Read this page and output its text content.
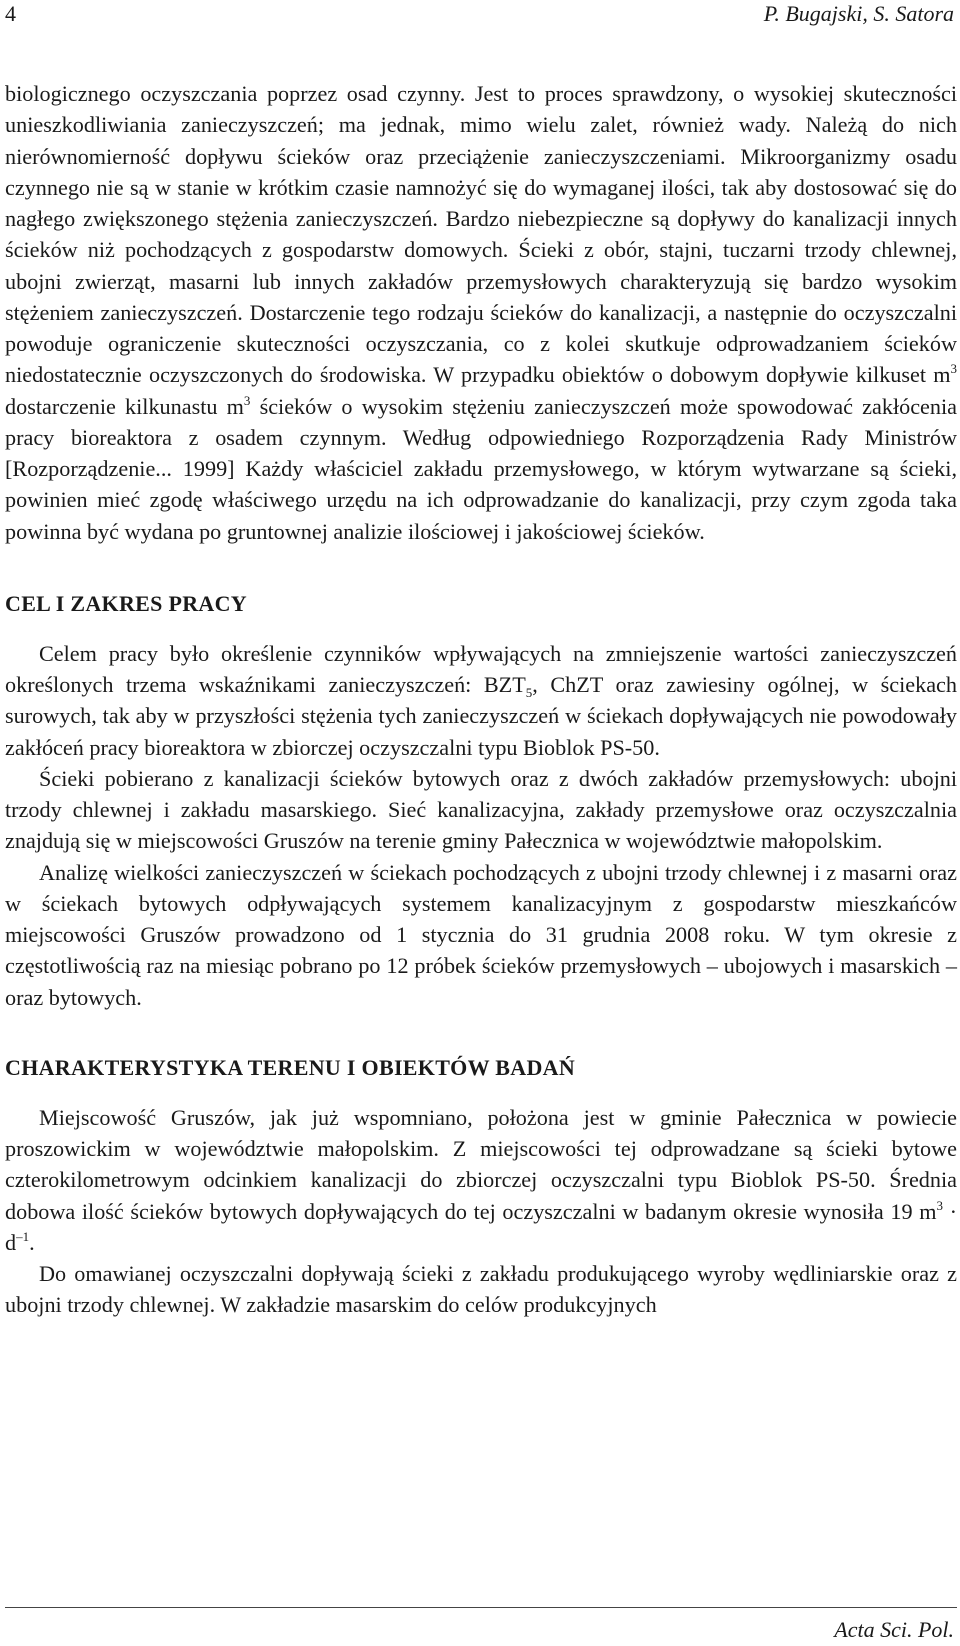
4	P. Bugajski, S. Satora

biologicznego oczyszczania poprzez osad czynny. Jest to proces sprawdzony, o wysokiej skuteczności unieszkodliwiania zanieczyszczeń; ma jednak, mimo wielu zalet, również wady. Należą do nich nierównomierność dopływu ścieków oraz przeciążenie zanieczyszczeniami. Mikroorganizmy osadu czynnego nie są w stanie w krótkim czasie namnożyć się do wymaganej ilości, tak aby dostosować się do nagłego zwiększonego stężenia zanieczyszczeń. Bardzo niebezpieczne są dopływy do kanalizacji innych ścieków niż pochodzących z gospodarstw domowych. Ścieki z obór, stajni, tuczarni trzody chlewnej, ubojni zwierząt, masarni lub innych zakładów przemysłowych charakteryzują się bardzo wysokim stężeniem zanieczyszczeń. Dostarczenie tego rodzaju ścieków do kanalizacji, a następnie do oczyszczalni powoduje ograniczenie skuteczności oczyszczania, co z kolei skutkuje odprowadzaniem ścieków niedostatecznie oczyszczonych do środowiska. W przypadku obiektów o dobowym dopływie kilkuset $m^3$ dostarczenie kilkunastu $m^3$ ścieków o wysokim stężeniu zanieczyszczeń może spowodować zakłócenia pracy bioreaktora z osadem czynnym. Według odpowiedniego Rozporządzenia Rady Ministrów [Rozporządzenie... 1999] Każdy właściciel zakładu przemysłowego, w którym wytwarzane są ścieki, powinien mieć zgodę właściwego urzędu na ich odprowadzanie do kanalizacji, przy czym zgoda taka powinna być wydana po gruntownej analizie ilościowej i jakościowej ścieków.

CEL I ZAKRES PRACY

Celem pracy było określenie czynników wpływających na zmniejszenie wartości zanieczyszczeń określonych trzema wskaźnikami zanieczyszczeń: $BZT_5$, ChZT oraz zawiesiny ogólnej, w ściekach surowych, tak aby w przyszłości stężenia tych zanieczyszczeń w ściekach dopływających nie powodowały zakłóceń pracy bioreaktora w zbiorczej oczyszczalni typu Bioblok PS-50.

Ścieki pobierano z kanalizacji ścieków bytowych oraz z dwóch zakładów przemysłowych: ubojni trzody chlewnej i zakładu masarskiego. Sieć kanalizacyjna, zakłady przemysłowe oraz oczyszczalnia znajdują się w miejscowości Gruszów na terenie gminy Pałecznica w województwie małopolskim.

Analizę wielkości zanieczyszczeń w ściekach pochodzących z ubojni trzody chlewnej i z masarni oraz w ściekach bytowych odpływających systemem kanalizacyjnym z gospodarstw mieszkańców miejscowości Gruszów prowadzono od 1 stycznia do 31 grudnia 2008 roku. W tym okresie z częstotliwością raz na miesiąc pobrano po 12 próbek ścieków przemysłowych – ubojowych i masarskich – oraz bytowych.

CHARAKTERYSTYKA TERENU I OBIEKTÓW BADAŃ

Miejscowość Gruszów, jak już wspomniano, położona jest w gminie Pałecznica w powiecie proszowickim w województwie małopolskim. Z miejscowości tej odprowadzane są ścieki bytowe czterokilometrowym odcinkiem kanalizacji do zbiorczej oczyszczalni typu Bioblok PS-50. Średnia dobowa ilość ścieków bytowych dopływających do tej oczyszczalni w badanym okresie wynosiła 19 $m^3 \cdot d^{-1}$.

Do omawianej oczyszczalni dopływają ścieki z zakładu produkującego wyroby wędliniarskie oraz z ubojni trzody chlewnej. W zakładzie masarskim do celów produkcyjnych

Acta Sci. Pol.
